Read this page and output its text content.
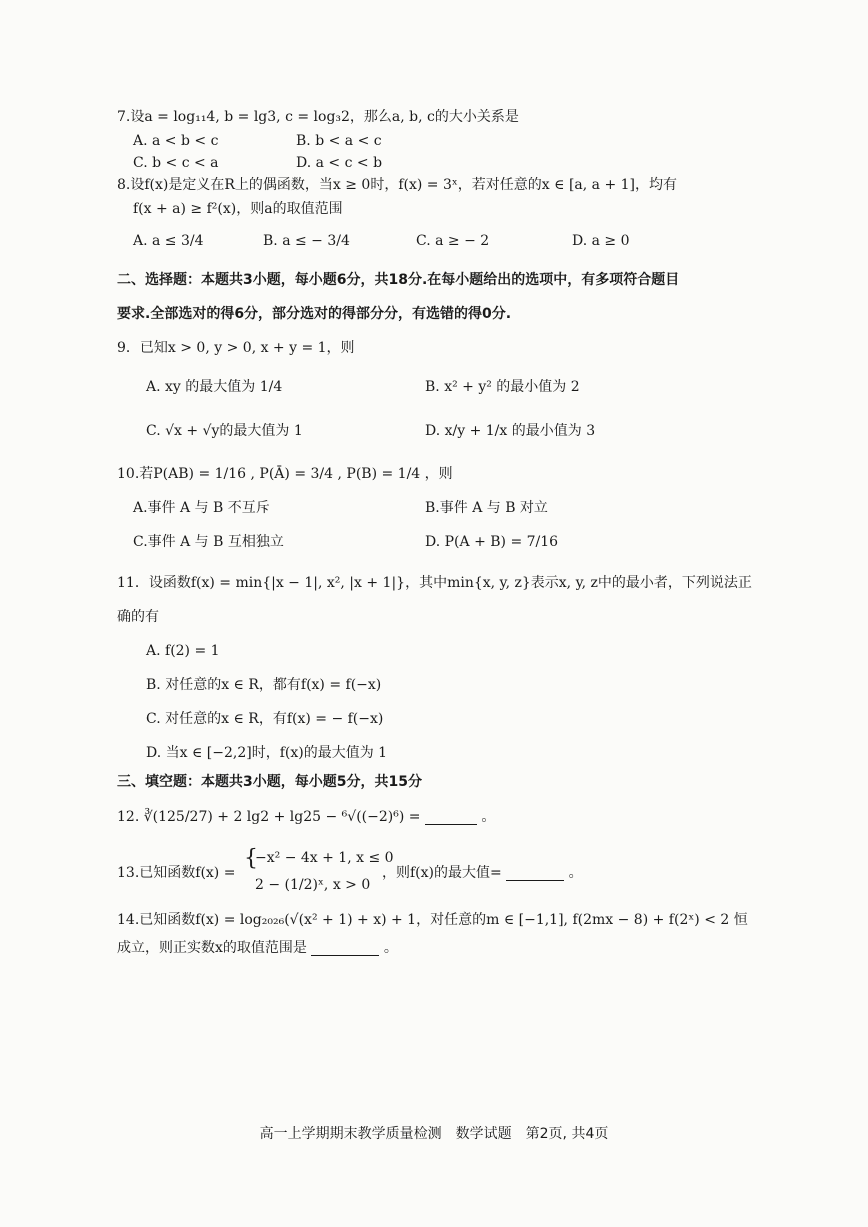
7.设a = log₁₁4, b = lg3, c = log₃2，那么a, b, c的大小关系是
A. a < b < c	B. b < a < c
C. b < c < a	D. a < c < b
8.设f(x)是定义在R上的偶函数，当x ≥ 0时，f(x) = 3ˣ，若对任意的x ∈ [a, a + 1]，均有
f(x + a) ≥ f²(x)，则a的取值范围
A. a ≤ 3/4	B. a ≤ − 3/4	C. a ≥ − 2	D. a ≥ 0
二、选择题：本题共3小题，每小题6分，共18分.在每小题给出的选项中，有多项符合题目
要求.全部选对的得6分，部分选对的得部分分，有选错的得0分.
9．已知x > 0, y > 0, x + y = 1，则
A. xy 的最大值为 1/4	B. x² + y² 的最小值为 2
C. √x + √y的最大值为 1	D. x/y + 1/x 的最小值为 3
10.若P(AB) = 1/16 , P(Ā) = 3/4 , P(B) = 1/4 ，则
A.事件 A 与 B 不互斥	B.事件 A 与 B 对立
C.事件 A 与 B 互相独立	D. P(A + B) = 7/16
11．设函数f(x) = min{|x − 1|, x², |x + 1|}，其中min{x, y, z}表示x, y, z中的最小者，下列说法正
确的有
A. f(2) = 1
B. 对任意的x ∈ R，都有f(x) = f(−x)
C. 对任意的x ∈ R，有f(x) = − f(−x)
D. 当x ∈ [−2,2]时，f(x)的最大值为 1
三、填空题：本题共3小题，每小题5分，共15分
12. ∛(125/27) + 2 lg2 + lg25 − ⁶√((−2)⁶) =	。
13.已知函数f(x) =
{
−x² − 4x + 1, x ≤ 0
2 − (1/2)ˣ, x > 0
，则f(x)的最大值=	。
14.已知函数f(x) = log₂₀₂₆(√(x² + 1) + x) + 1，对任意的m ∈ [−1,1], f(2mx − 8) + f(2ˣ) < 2 恒
成立，则正实数x的取值范围是	。
高一上学期期末教学质量检测　数学试题　第2页, 共4页
